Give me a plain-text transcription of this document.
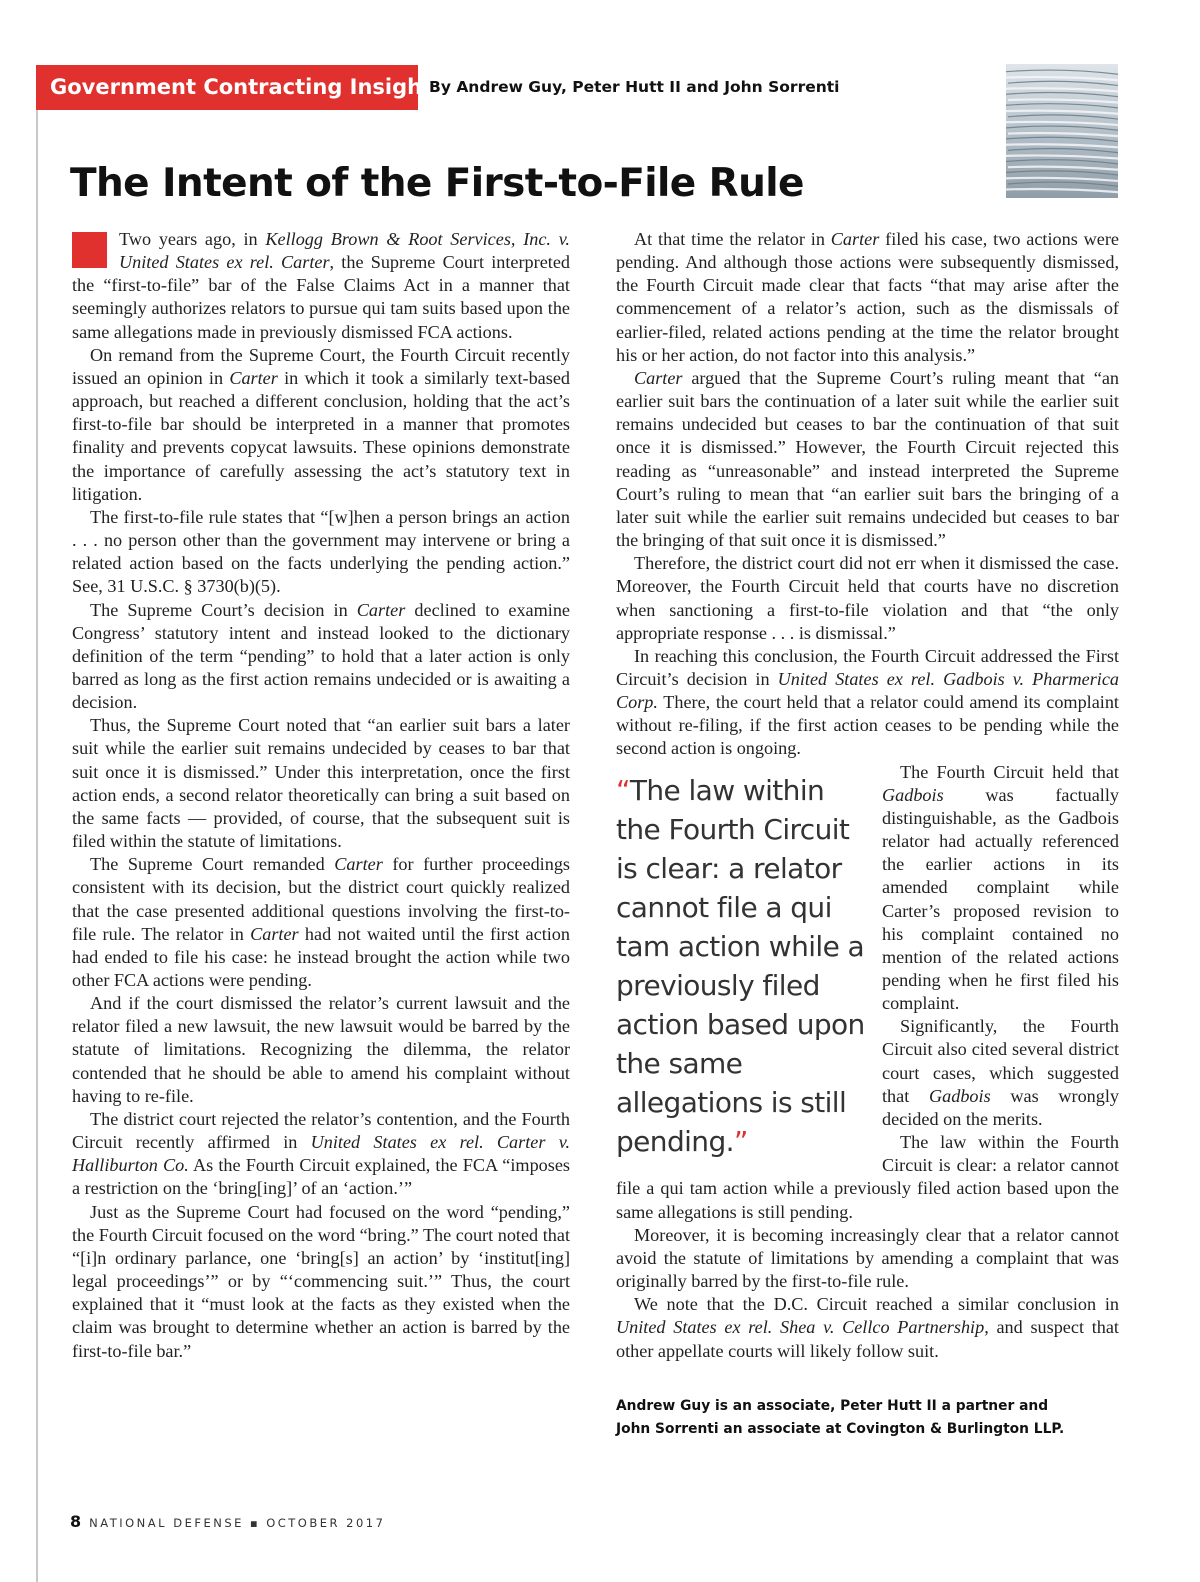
Government Contracting Insights
By Andrew Guy, Peter Hutt II and John Sorrenti
The Intent of the First-to-File Rule

Two years ago, in Kellogg Brown & Root Services, Inc. v. United States ex rel. Carter, the Supreme Court interpreted the “first-to-file” bar of the False Claims Act in a manner that seemingly authorizes relators to pursue qui tam suits based upon the same allegations made in previously dismissed FCA actions.

On remand from the Supreme Court, the Fourth Circuit recently issued an opinion in Carter in which it took a similarly text-based approach, but reached a different conclusion, holding that the act’s first-to-file bar should be interpreted in a manner that promotes finality and prevents copycat lawsuits. These opinions demonstrate the importance of carefully assessing the act’s statutory text in litigation.

The first-to-file rule states that “[w]hen a person brings an action . . . no person other than the government may intervene or bring a related action based on the facts underlying the pending action.” See, 31 U.S.C. § 3730(b)(5).

The Supreme Court’s decision in Carter declined to examine Congress’ statutory intent and instead looked to the dictionary definition of the term “pending” to hold that a later action is only barred as long as the first action remains undecided or is awaiting a decision.

Thus, the Supreme Court noted that “an earlier suit bars a later suit while the earlier suit remains undecided by ceases to bar that suit once it is dismissed.” Under this interpretation, once the first action ends, a second relator theoretically can bring a suit based on the same facts — provided, of course, that the subsequent suit is filed within the statute of limitations.

The Supreme Court remanded Carter for further proceedings consistent with its decision, but the district court quickly realized that the case presented additional questions involving the first-to-file rule. The relator in Carter had not waited until the first action had ended to file his case: he instead brought the action while two other FCA actions were pending.

And if the court dismissed the relator’s current lawsuit and the relator filed a new lawsuit, the new lawsuit would be barred by the statute of limitations. Recognizing the dilemma, the relator contended that he should be able to amend his complaint without having to re-file.

The district court rejected the relator’s contention, and the Fourth Circuit recently affirmed in United States ex rel. Carter v. Halliburton Co. As the Fourth Circuit explained, the FCA “imposes a restriction on the ‘bring[ing]’ of an ‘action.’”

Just as the Supreme Court had focused on the word “pending,” the Fourth Circuit focused on the word “bring.” The court noted that “[i]n ordinary parlance, one ‘bring[s] an action’ by ‘institut[ing] legal proceedings’” or by “‘commencing suit.’” Thus, the court explained that it “must look at the facts as they existed when the claim was brought to determine whether an action is barred by the first-to-file bar.”

At that time the relator in Carter filed his case, two actions were pending. And although those actions were subsequently dismissed, the Fourth Circuit made clear that facts “that may arise after the commencement of a relator’s action, such as the dismissals of earlier-filed, related actions pending at the time the relator brought his or her action, do not factor into this analysis.”

Carter argued that the Supreme Court’s ruling meant that “an earlier suit bars the continuation of a later suit while the earlier suit remains undecided but ceases to bar the continuation of that suit once it is dismissed.” However, the Fourth Circuit rejected this reading as “unreasonable” and instead interpreted the Supreme Court’s ruling to mean that “an earlier suit bars the bringing of a later suit while the earlier suit remains undecided but ceases to bar the bringing of that suit once it is dismissed.”

Therefore, the district court did not err when it dismissed the case. Moreover, the Fourth Circuit held that courts have no discretion when sanctioning a first-to-file violation and that “the only appropriate response . . . is dismissal.”

In reaching this conclusion, the Fourth Circuit addressed the First Circuit’s decision in United States ex rel. Gadbois v. Pharmerica Corp. There, the court held that a relator could amend its complaint without re-filing, if the first action ceases to be pending while the second action is ongoing.

“The law within the Fourth Circuit is clear: a relator cannot file a qui tam action while a previously filed action based upon the same allegations is still pending.”

The Fourth Circuit held that Gadbois was factually distinguishable, as the Gadbois relator had actually referenced the earlier actions in its amended complaint while Carter’s proposed revision to his complaint contained no mention of the related actions pending when he first filed his complaint.

Significantly, the Fourth Circuit also cited several district court cases, which suggested that Gadbois was wrongly decided on the merits.

The law within the Fourth Circuit is clear: a relator cannot file a qui tam action while a previously filed action based upon the same allegations is still pending.

Moreover, it is becoming increasingly clear that a relator cannot avoid the statute of limitations by amending a complaint that was originally barred by the first-to-file rule.

We note that the D.C. Circuit reached a similar conclusion in United States ex rel. Shea v. Cellco Partnership, and suspect that other appellate courts will likely follow suit.

Andrew Guy is an associate, Peter Hutt II a partner and
John Sorrenti an associate at Covington & Burlington LLP.
8 NATIONAL DEFENSE ▪ OCTOBER 2017
